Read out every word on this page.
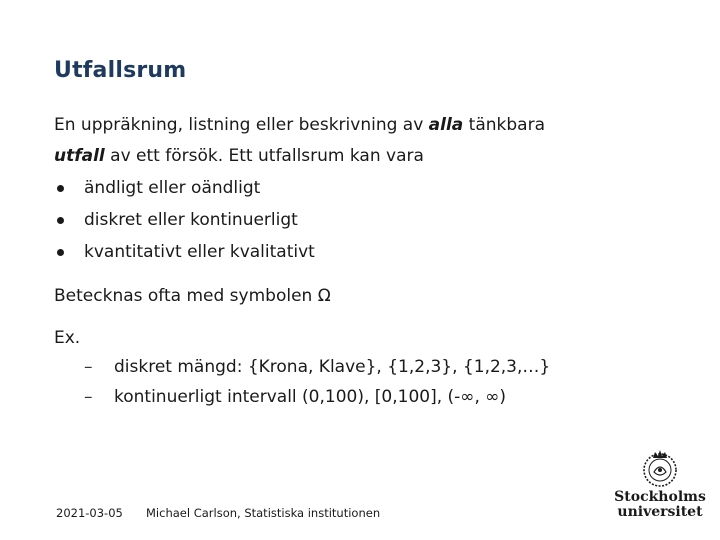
Utfallsrum
En uppräkning, listning eller beskrivning av alla tänkbara
utfall av ett försök. Ett utfallsrum kan vara
ändligt eller oändligt
diskret eller kontinuerligt
kvantitativt eller kvalitativt
Betecknas ofta med symbolen Ω
Ex.
– diskret mängd: {Krona, Klave}, {1,2,3}, {1,2,3,…}
– kontinuerligt intervall (0,100), [0,100], (-∞, ∞)
2021-03-05 Michael Carlson, Statistiska institutionen
Stockholms
universitet
